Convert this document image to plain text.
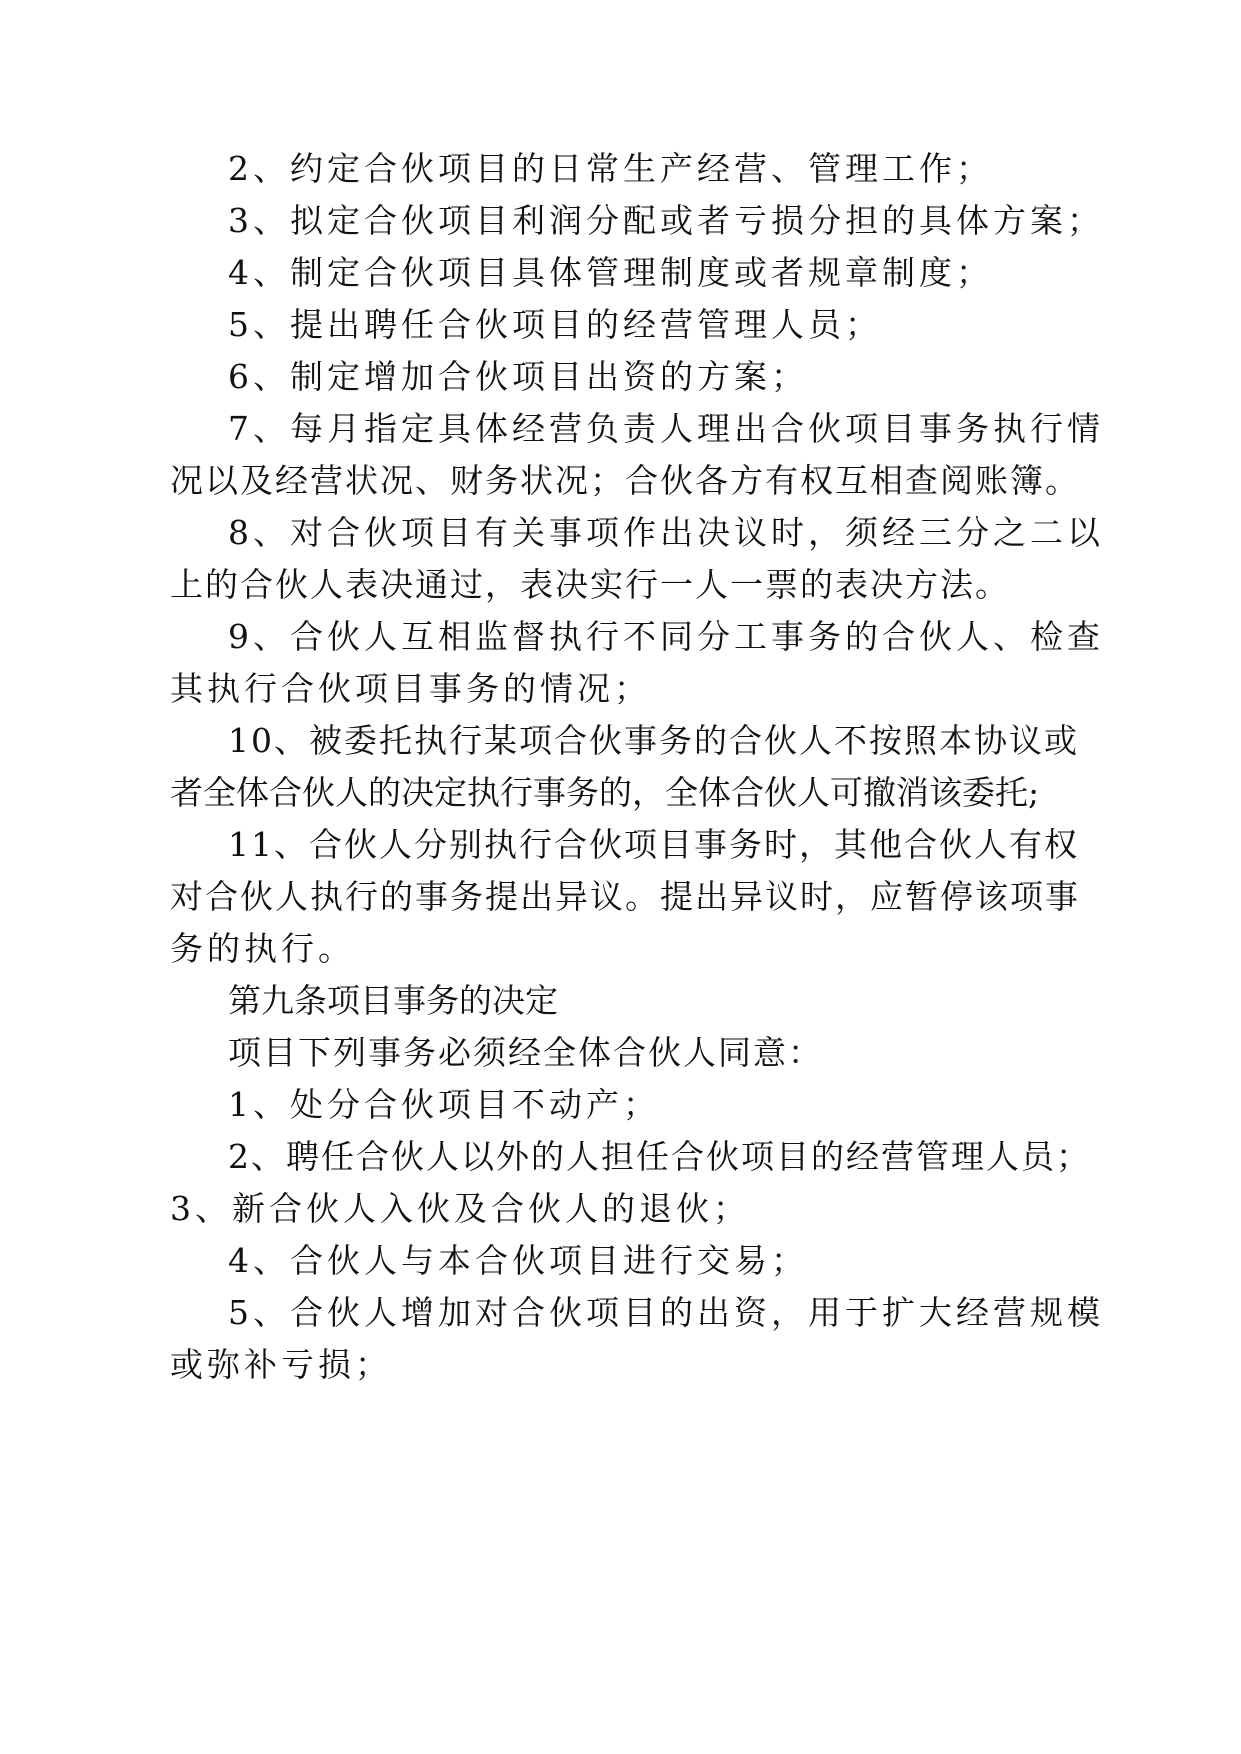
2、约定合伙项目的日常生产经营、管理工作；

3、拟定合伙项目利润分配或者亏损分担的具体方案；

4、制定合伙项目具体管理制度或者规章制度；

5、提出聘任合伙项目的经营管理人员；

6、制定增加合伙项目出资的方案；

7、每月指定具体经营负责人理出合伙项目事务执行情

况以及经营状况、财务状况；合伙各方有权互相查阅账簿。

8、对合伙项目有关事项作出决议时，须经三分之二以

上的合伙人表决通过，表决实行一人一票的表决方法。

9、合伙人互相监督执行不同分工事务的合伙人、检查

其执行合伙项目事务的情况；

10、被委托执行某项合伙事务的合伙人不按照本协议或

者全体合伙人的决定执行事务的，全体合伙人可撤消该委托;

11、合伙人分别执行合伙项目事务时，其他合伙人有权

对合伙人执行的事务提出异议。提出异议时，应暂停该项事

务的执行。

第九条项目事务的决定

项目下列事务必须经全体合伙人同意：

1、处分合伙项目不动产；

2、聘任合伙人以外的人担任合伙项目的经营管理人员；

3、新合伙人入伙及合伙人的退伙；

4、合伙人与本合伙项目进行交易；

5、合伙人增加对合伙项目的出资，用于扩大经营规模

或弥补亏损；
